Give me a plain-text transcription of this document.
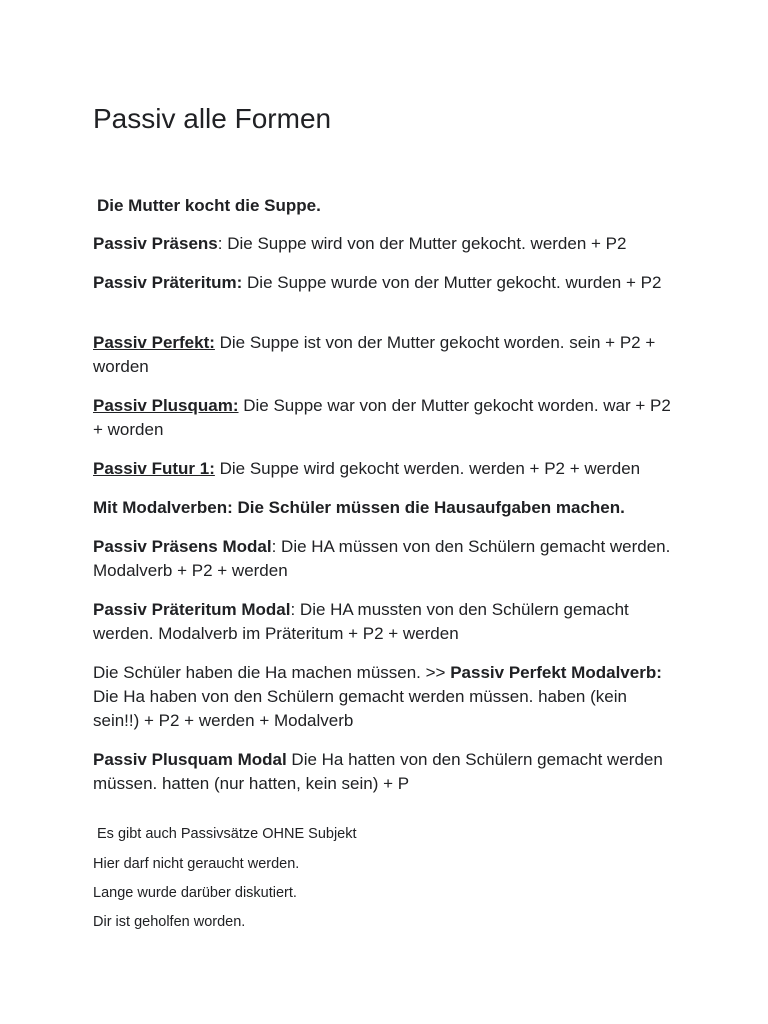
Passiv alle Formen

Die Mutter kocht die Suppe.

Passiv Präsens: Die Suppe wird von der Mutter gekocht. werden + P2

Passiv Präteritum: Die Suppe wurde von der Mutter gekocht. wurden + P2

Passiv Perfekt: Die Suppe ist von der Mutter gekocht worden. sein + P2 + worden

Passiv Plusquam: Die Suppe war von der Mutter gekocht worden. war + P2 + worden

Passiv Futur 1: Die Suppe wird gekocht werden. werden + P2 + werden

Mit Modalverben: Die Schüler müssen die Hausaufgaben machen.

Passiv Präsens Modal: Die HA müssen von den Schülern gemacht werden. Modalverb + P2 + werden

Passiv Präteritum Modal: Die HA mussten von den Schülern gemacht werden. Modalverb im Präteritum + P2 + werden

Die Schüler haben die Ha machen müssen. >> Passiv Perfekt Modalverb: Die Ha haben von den Schülern gemacht werden müssen. haben (kein sein!!) + P2 + werden + Modalverb

Passiv Plusquam Modal Die Ha hatten von den Schülern gemacht werden müssen. hatten (nur hatten, kein sein) + P

Es gibt auch Passivsätze OHNE Subjekt

Hier darf nicht geraucht werden.

Lange wurde darüber diskutiert.

Dir ist geholfen worden.
